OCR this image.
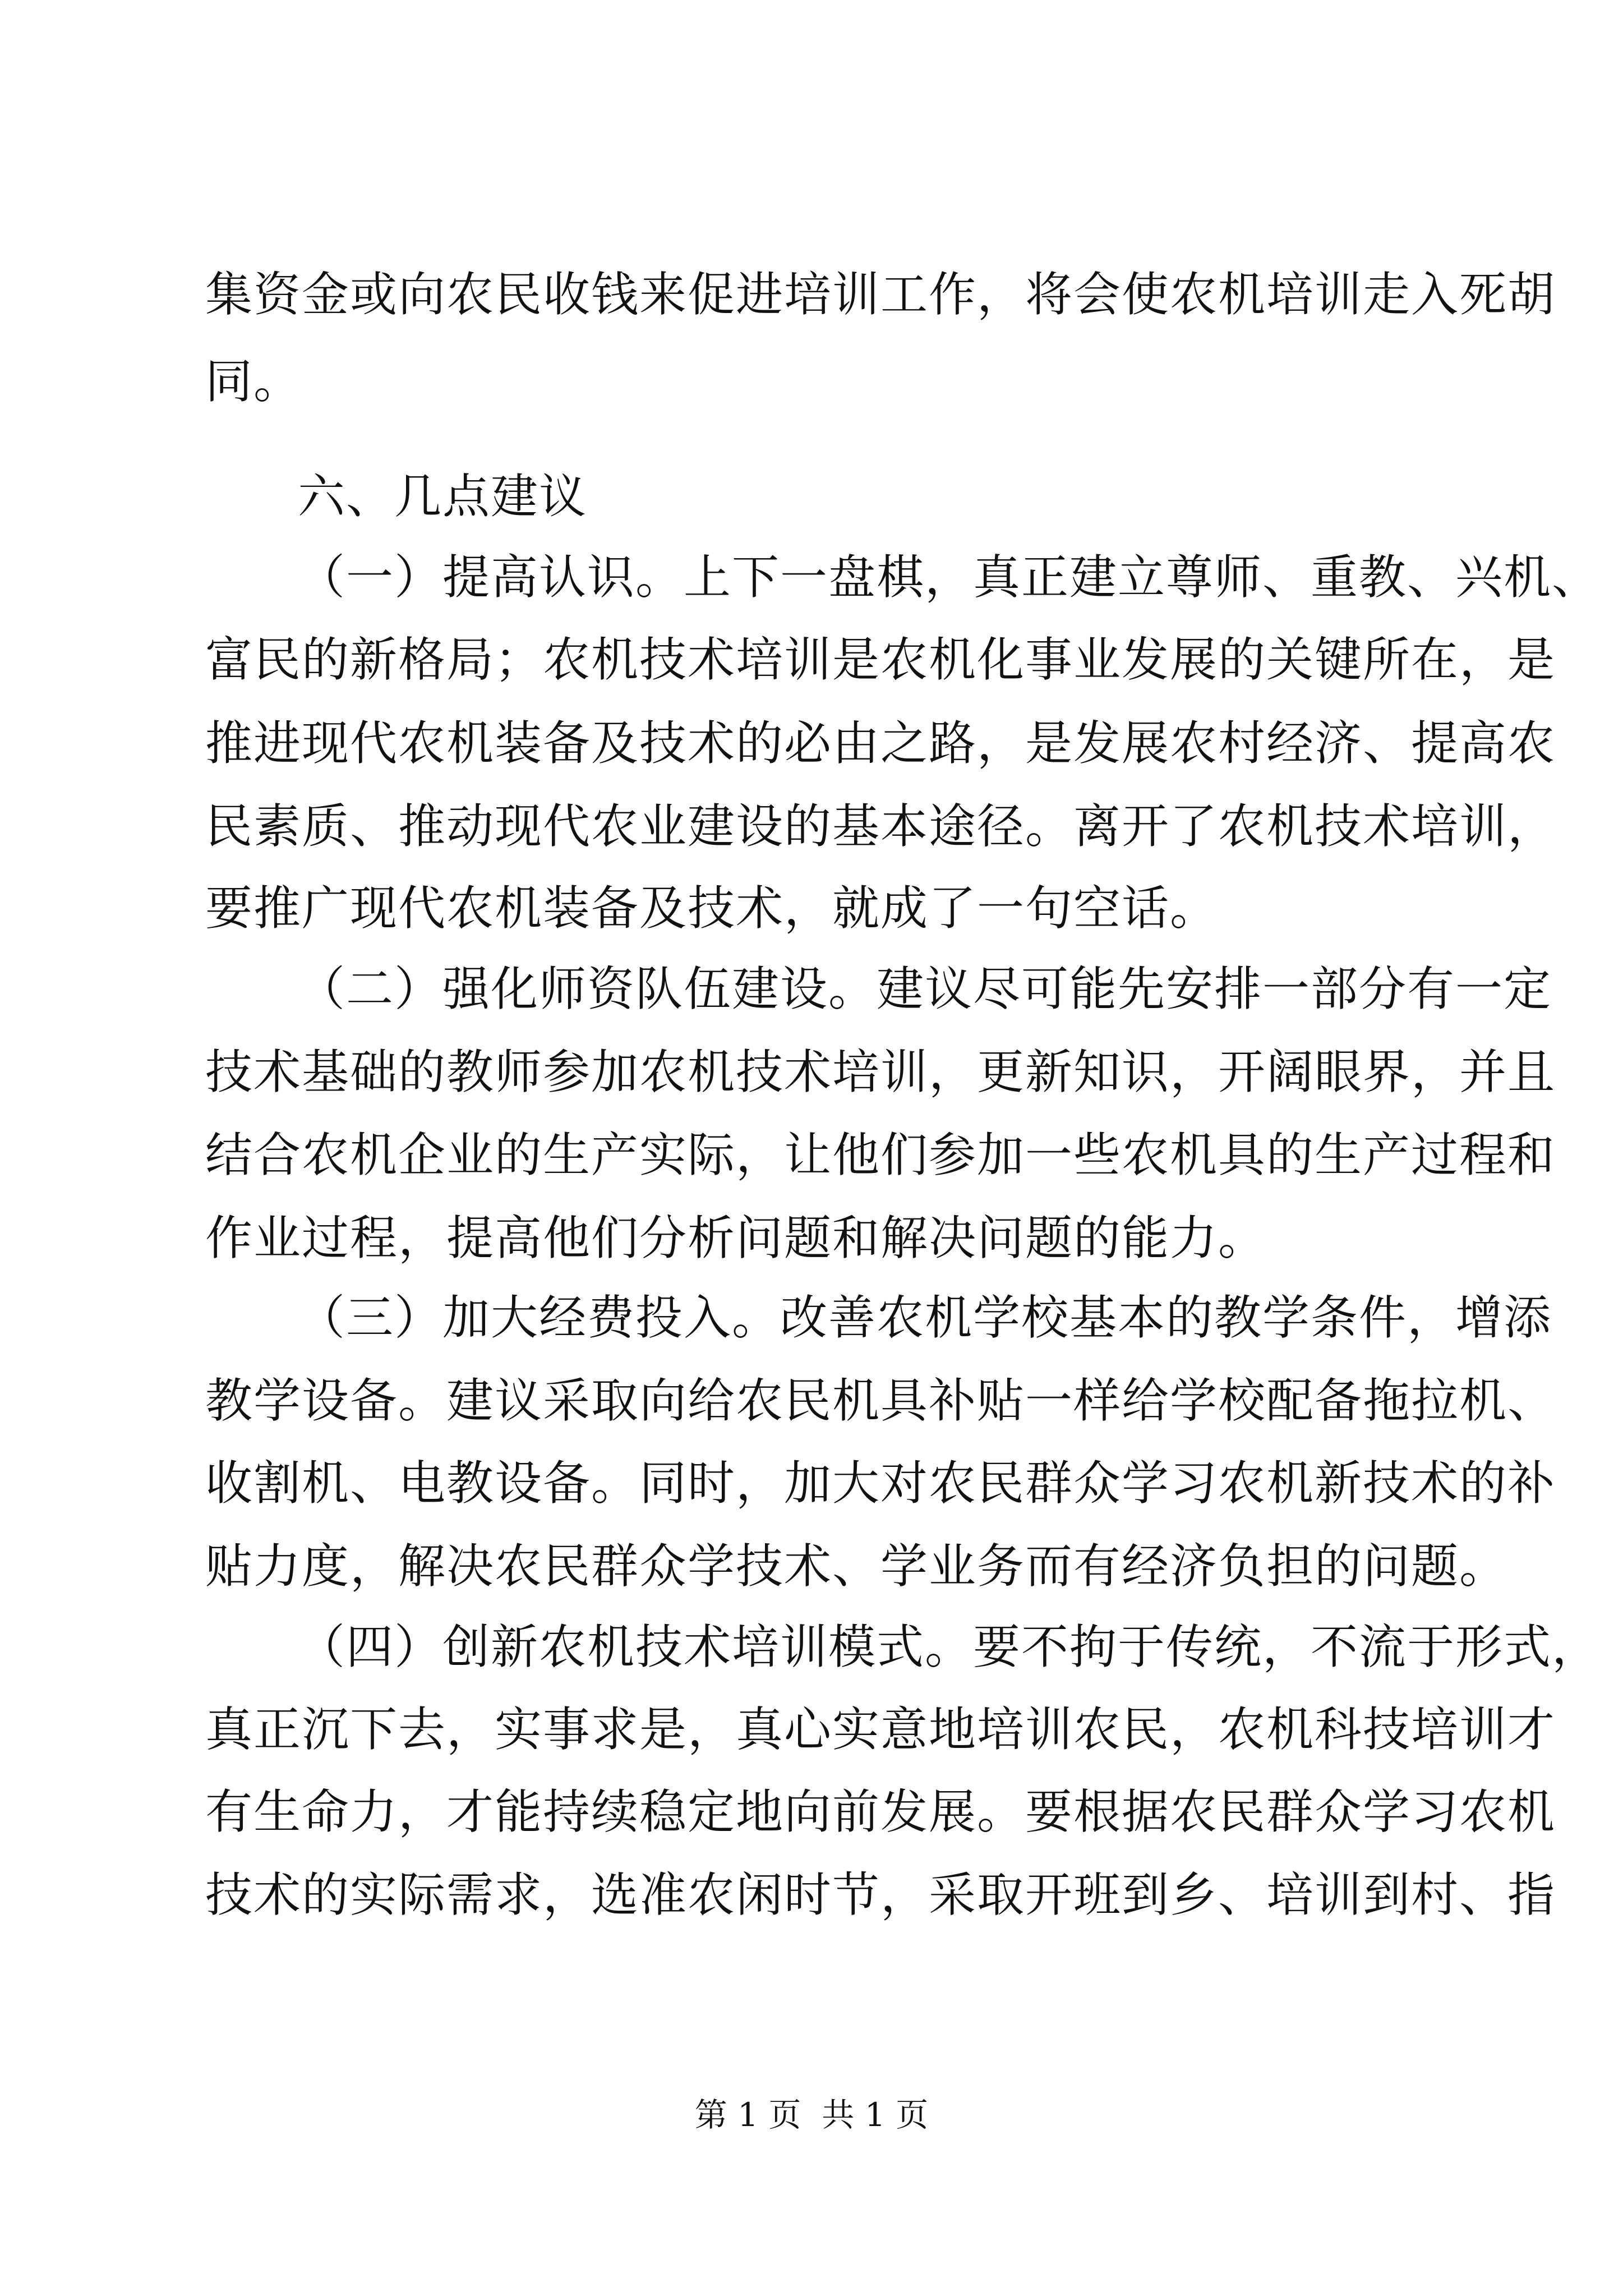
集资金或向农民收钱来促进培训工作，将会使农机培训走入死胡
同。
六、几点建议
（一）提高认识。上下一盘棋，真正建立尊师、重教、兴机、
富民的新格局；农机技术培训是农机化事业发展的关键所在，是
推进现代农机装备及技术的必由之路，是发展农村经济、提高农
民素质、推动现代农业建设的基本途径。离开了农机技术培训，
要推广现代农机装备及技术，就成了一句空话。
（二）强化师资队伍建设。建议尽可能先安排一部分有一定
技术基础的教师参加农机技术培训，更新知识，开阔眼界，并且
结合农机企业的生产实际，让他们参加一些农机具的生产过程和
作业过程，提高他们分析问题和解决问题的能力。
（三）加大经费投入。改善农机学校基本的教学条件，增添
教学设备。建议采取向给农民机具补贴一样给学校配备拖拉机、
收割机、电教设备。同时，加大对农民群众学习农机新技术的补
贴力度，解决农民群众学技术、学业务而有经济负担的问题。
（四）创新农机技术培训模式。要不拘于传统，不流于形式，
真正沉下去，实事求是，真心实意地培训农民，农机科技培训才
有生命力，才能持续稳定地向前发展。要根据农民群众学习农机
技术的实际需求，选准农闲时节，采取开班到乡、培训到村、指
第 1 页  共 1 页
